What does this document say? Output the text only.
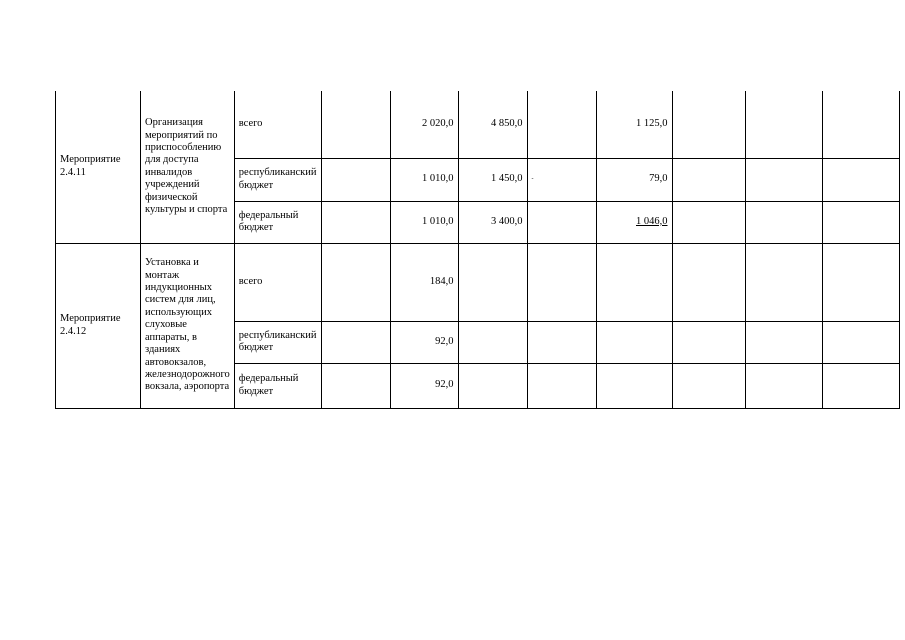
Мероприятие 2.4.11	Организация мероприятий по приспособлению для доступа инвалидов учреждений физической культуры и спорта	всего		2 020,0	4 850,0		1 125,0			
		республиканский бюджет		1 010,0	1 450,0	-	79,0			
		федеральный бюджет		1 010,0	3 400,0		1 046,0			
Мероприятие 2.4.12	Установка и монтаж индукционных систем для лиц, использующих слуховые аппараты, в зданиях автовокзалов, железнодорожного вокзала, аэропорта	всего		184,0						
		республиканский бюджет		92,0						
		федеральный бюджет		92,0						
